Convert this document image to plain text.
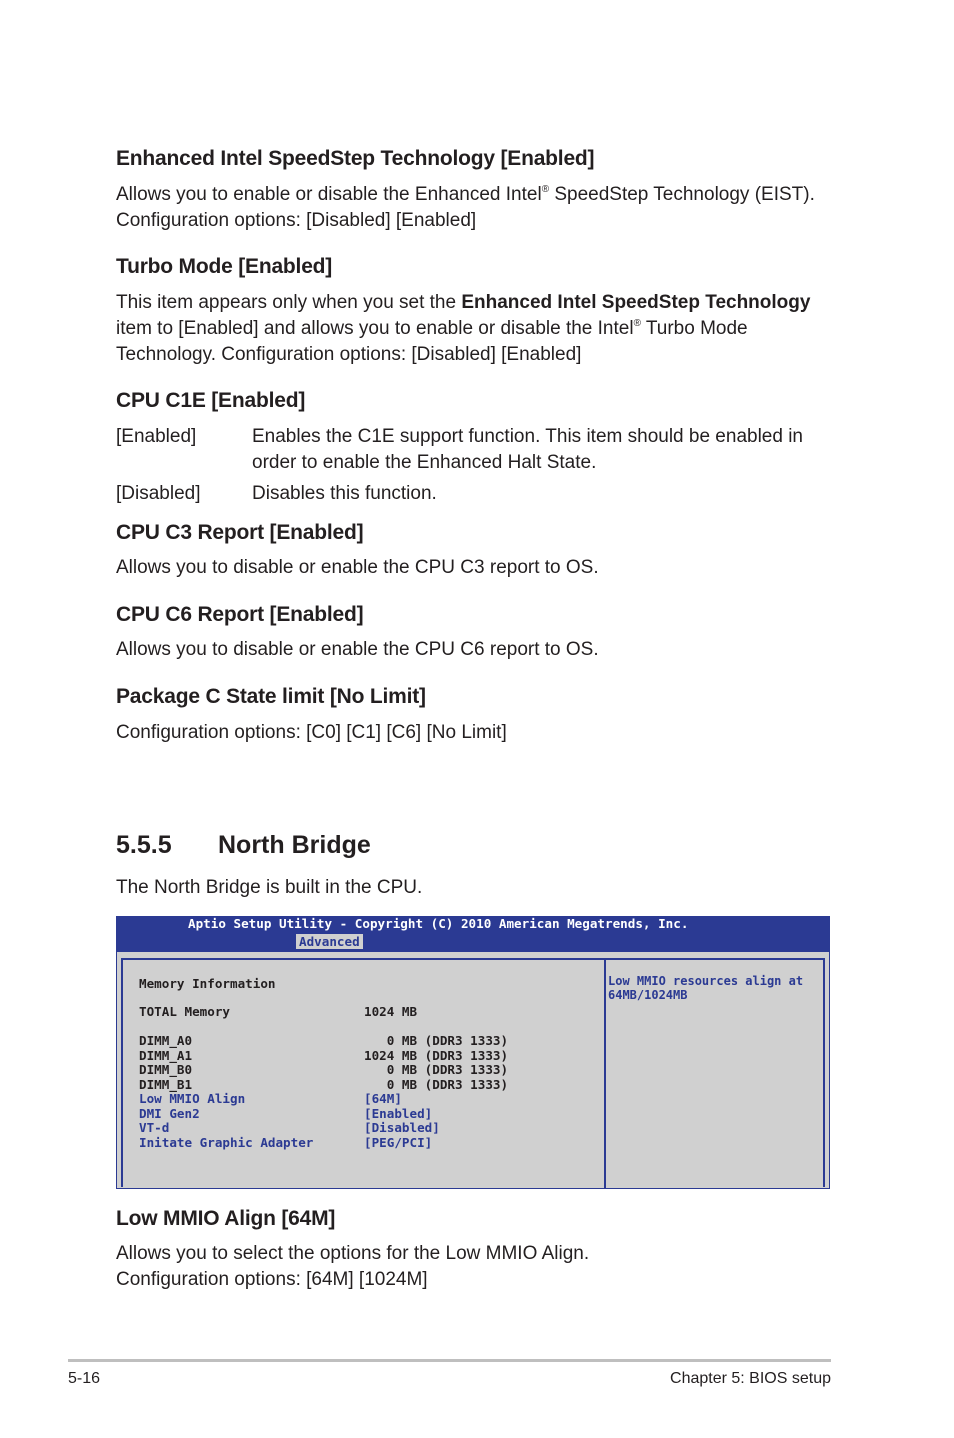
Enhanced Intel SpeedStep Technology [Enabled]
Allows you to enable or disable the Enhanced Intel® SpeedStep Technology (EIST).
Configuration options: [Disabled] [Enabled]
Turbo Mode [Enabled]
This item appears only when you set the Enhanced Intel SpeedStep Technology
item to [Enabled] and allows you to enable or disable the Intel® Turbo Mode
Technology. Configuration options: [Disabled] [Enabled]
CPU C1E [Enabled]
[Enabled]	Enables the C1E support function. This item should be enabled in
order to enable the Enhanced Halt State.
[Disabled]	Disables this function.
CPU C3 Report [Enabled]
Allows you to disable or enable the CPU C3 report to OS.
CPU C6 Report [Enabled]
Allows you to disable or enable the CPU C6 report to OS.
Package C State limit [No Limit]
Configuration options: [C0] [C1] [C6] [No Limit]
5.5.5 North Bridge
The North Bridge is built in the CPU.
Aptio Setup Utility - Copyright (C) 2010 American Megatrends, Inc.
Advanced
Memory Information
TOTAL Memory	1024 MB
DIMM_A0	0 MB (DDR3 1333)
DIMM_A1	1024 MB (DDR3 1333)
DIMM_B0	0 MB (DDR3 1333)
DIMM_B1	0 MB (DDR3 1333)
Low MMIO Align	[64M]
DMI Gen2	[Enabled]
VT-d	[Disabled]
Initate Graphic Adapter	[PEG/PCI]
Low MMIO resources align at
64MB/1024MB
Low MMIO Align [64M]
Allows you to select the options for the Low MMIO Align.
Configuration options: [64M] [1024M]
5-16	Chapter 5: BIOS setup
